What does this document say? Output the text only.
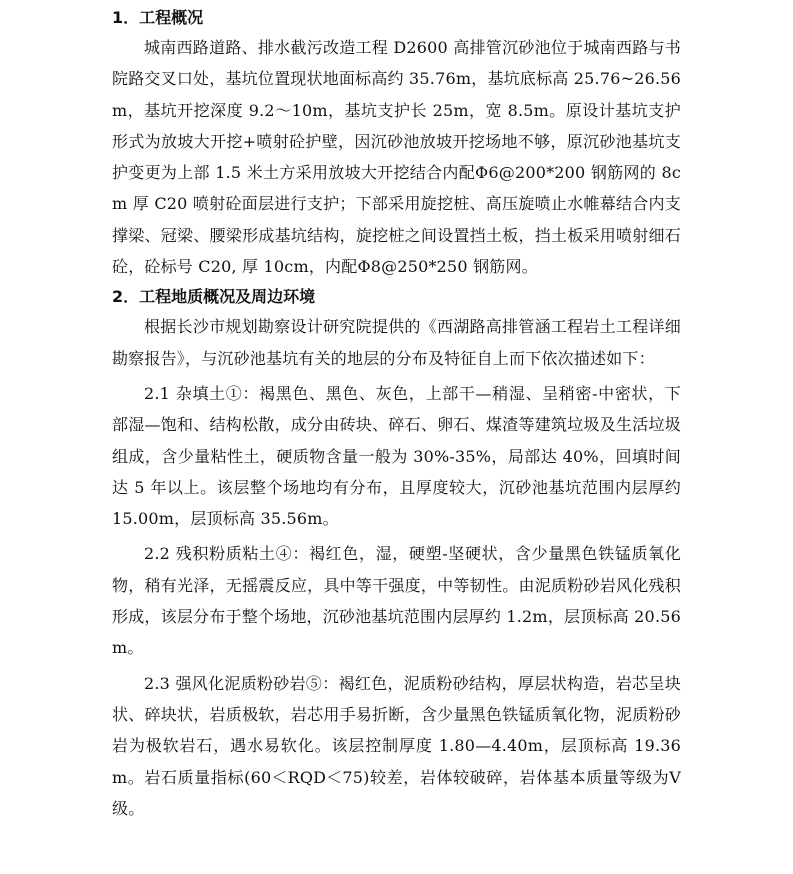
1．工程概况

城南西路道路、排水截污改造工程 D2600 高排管沉砂池位于城南西路与书院路交叉口处，基坑位置现状地面标高约 35.76m，基坑底标高 25.76~26.56m，基坑开挖深度 9.2～10m，基坑支护长 25m，宽 8.5m。原设计基坑支护形式为放坡大开挖+喷射砼护壁，因沉砂池放坡开挖场地不够，原沉砂池基坑支护变更为上部 1.5 米土方采用放坡大开挖结合内配Φ6@200*200 钢筋网的 8cm 厚 C20 喷射砼面层进行支护；下部采用旋挖桩、高压旋喷止水帷幕结合内支撑梁、冠梁、腰梁形成基坑结构，旋挖桩之间设置挡土板，挡土板采用喷射细石砼，砼标号 C20, 厚 10cm，内配Φ8@250*250 钢筋网。

2．工程地质概况及周边环境

根据长沙市规划勘察设计研究院提供的《西湖路高排管涵工程岩土工程详细勘察报告》，与沉砂池基坑有关的地层的分布及特征自上而下依次描述如下：

2.1 杂填土①：褐黑色、黑色、灰色，上部干—稍湿、呈稍密-中密状，下部湿—饱和、结构松散，成分由砖块、碎石、卵石、煤渣等建筑垃圾及生活垃圾组成，含少量粘性土，硬质物含量一般为 30%-35%，局部达 40%，回填时间达 5 年以上。该层整个场地均有分布，且厚度较大，沉砂池基坑范围内层厚约 15.00m，层顶标高 35.56m。

2.2 残积粉质粘土④：褐红色，湿，硬塑-坚硬状，含少量黑色铁锰质氧化物，稍有光泽，无摇震反应，具中等干强度，中等韧性。由泥质粉砂岩风化残积形成，该层分布于整个场地，沉砂池基坑范围内层厚约 1.2m，层顶标高 20.56m。

2.3 强风化泥质粉砂岩⑤：褐红色，泥质粉砂结构，厚层状构造，岩芯呈块状、碎块状，岩质极软，岩芯用手易折断，含少量黑色铁锰质氧化物，泥质粉砂岩为极软岩石，遇水易软化。该层控制厚度 1.80—4.40m，层顶标高 19.36m。岩石质量指标(60＜RQD＜75)较差，岩体较破碎，岩体基本质量等级为Ⅴ级。
